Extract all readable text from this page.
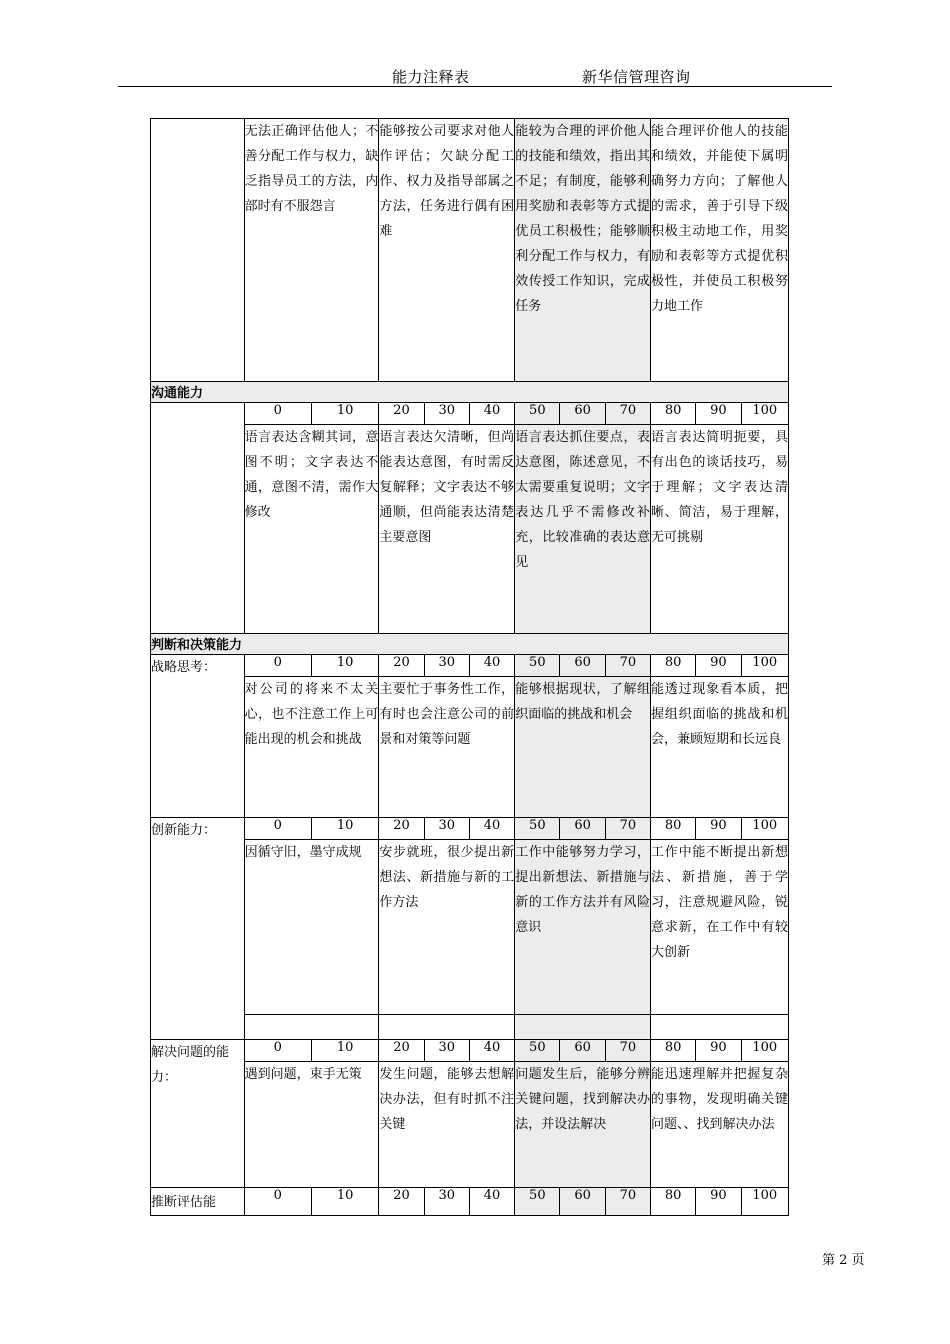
能力注释表	新华信管理咨询
	无法正确评估他人；不善分配工作与权力，缺乏指导员工的方法，内部时有不服怨言		能够按公司要求对他人作评估；欠缺分配工作、权力及指导部属之方法，任务进行偶有困难			能较为合理的评价他人的技能和绩效，指出其不足；有制度，能够利用奖励和表彰等方式提优员工积极性；能够顺利分配工作与权力，有效传授工作知识，完成任务			能合理评价他人的技能和绩效，并能使下属明确努力方向；了解他人的需求，善于引导下级积极主动地工作，用奖励和表彰等方式提优积极性，并使员工积极努力地工作		
沟通能力											
	0	10	20	30	40	50	60	70	80	90	100
	语言表达含糊其词，意图不明；文字表达不通，意图不清，需作大修改		语言表达欠清晰，但尚能表达意图，有时需反复解释；文字表达不够通顺，但尚能表达清楚主要意图			语言表达抓住要点，表达意图，陈述意见，不太需要重复说明；文字表达几乎不需修改补充，比较准确的表达意见			语言表达简明扼要，具有出色的谈话技巧，易于理解；文字表达清晰、简洁，易于理解，无可挑剔		
判断和决策能力											
战略思考：	0	10	20	30	40	50	60	70	80	90	100
	对公司的将来不太关心，也不注意工作上可能出现的机会和挑战		主要忙于事务性工作，有时也会注意公司的前景和对策等问题			能够根据现状，了解组织面临的挑战和机会			能透过现象看本质，把握组织面临的挑战和机会，兼顾短期和长远良		
创新能力：	0	10	20	30	40	50	60	70	80	90	100
	因循守旧，墨守成规		安步就班，很少提出新想法、新措施与新的工作方法			工作中能够努力学习，提出新想法、新措施与新的工作方法并有风险意识			工作中能不断提出新想法、新措施，善于学习，注意规避风险，锐意求新，在工作中有较大创新		

解决问题的能力：	0	10	20	30	40	50	60	70	80	90	100
	遇到问题，束手无策		发生问题，能够去想解决办法，但有时抓不注关键			问题发生后，能够分辨关键问题，找到解决办法，并设法解决			能迅速理解并把握复杂的事物，发现明确关键问题、、找到解决办法		
推断评估能	0	10	20	30	40	50	60	70	80	90	100
第 2 页
